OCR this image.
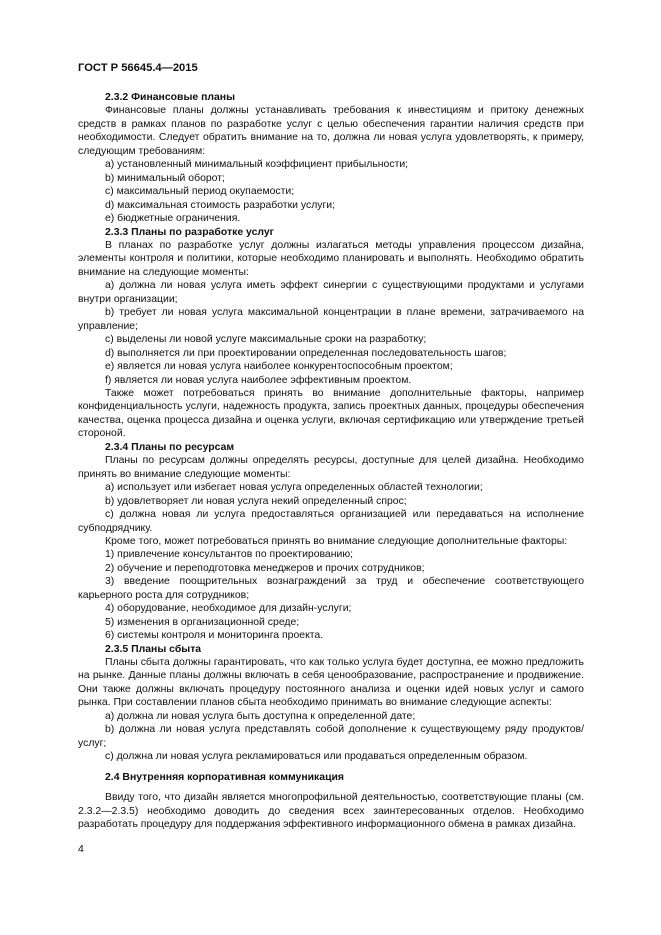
ГОСТ Р 56645.4—2015
2.3.2 Финансовые планы
Финансовые планы должны устанавливать требования к инвестициям и притоку денежных средств в рамках планов по разработке услуг с целью обеспечения гарантии наличия средств при необходимости. Следует обратить внимание на то, должна ли новая услуга удовлетворять, к примеру, следующим требованиям:
a) установленный минимальный коэффициент прибыльности;
b) минимальный оборот;
c) максимальный период окупаемости;
d) максимальная стоимость разработки услуги;
e) бюджетные ограничения.
2.3.3 Планы по разработке услуг
В планах по разработке услуг должны излагаться методы управления процессом дизайна, элементы контроля и политики, которые необходимо планировать и выполнять. Необходимо обратить внимание на следующие моменты:
a) должна ли новая услуга иметь эффект синергии с существующими продуктами и услугами внутри организации;
b) требует ли новая услуга максимальной концентрации в плане времени, затрачиваемого на управление;
c) выделены ли новой услуге максимальные сроки на разработку;
d) выполняется ли при проектировании определенная последовательность шагов;
e) является ли новая услуга наиболее конкурентоспособным проектом;
f) является ли новая услуга наиболее эффективным проектом.
Также может потребоваться принять во внимание дополнительные факторы, например конфиденциальность услуги, надежность продукта, запись проектных данных, процедуры обеспечения качества, оценка процесса дизайна и оценка услуги, включая сертификацию или утверждение третьей стороной.
2.3.4 Планы по ресурсам
Планы по ресурсам должны определять ресурсы, доступные для целей дизайна. Необходимо принять во внимание следующие моменты:
a) использует или избегает новая услуга определенных областей технологии;
b) удовлетворяет ли новая услуга некий определенный спрос;
c) должна новая ли услуга предоставляться организацией или передаваться на исполнение субподрядчику.
Кроме того, может потребоваться принять во внимание следующие дополнительные факторы:
1) привлечение консультантов по проектированию;
2) обучение и переподготовка менеджеров и прочих сотрудников;
3) введение поощрительных вознаграждений за труд и обеспечение соответствующего карьерного роста для сотрудников;
4) оборудование, необходимое для дизайн-услуги;
5) изменения в организационной среде;
6) системы контроля и мониторинга проекта.
2.3.5 Планы сбыта
Планы сбыта должны гарантировать, что как только услуга будет доступна, ее можно предложить на рынке. Данные планы должны включать в себя ценообразование, распространение и продвижение. Они также должны включать процедуру постоянного анализа и оценки идей новых услуг и самого рынка. При составлении планов сбыта необходимо принимать во внимание следующие аспекты:
a) должна ли новая услуга быть доступна к определенной дате;
b) должна ли новая услуга представлять собой дополнение к существующему ряду продуктов/услуг;
c) должна ли новая услуга рекламироваться или продаваться определенным образом.
2.4 Внутренняя корпоративная коммуникация
Ввиду того, что дизайн является многопрофильной деятельностью, соответствующие планы (см. 2.3.2—2.3.5) необходимо доводить до сведения всех заинтересованных отделов. Необходимо разработать процедуру для поддержания эффективного информационного обмена в рамках дизайна.
4
